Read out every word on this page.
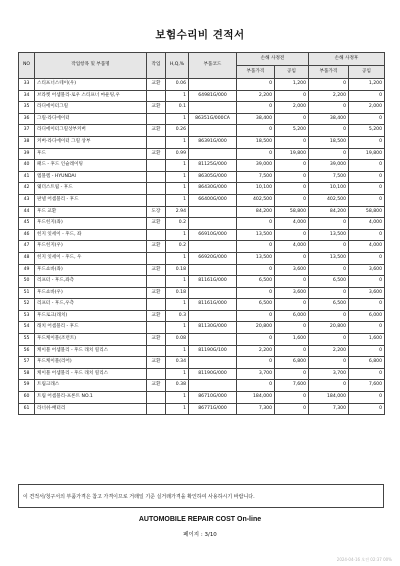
보험수리비 견적서
NO	작업항목 및 부품명	작업	H,Q,%	부품코드	손해 사정전		손해 사정후	
					부품가격	공임	부품가격	공임
33	스티프너스테이(우)	교환	0.06		0	1,200	0	1,200
34	브라켓 어셈블리-로우 스티프너 마운팅,우		1	64981G/000	2,200	0	2,200	0
35	라디에이터그릴	교환	0.1		0	2,000	0	2,000
36	그릴-라디에이터		1	86351G/000CA	38,400	0	38,400	0
37	라디에이터그릴상부커버	교환	0.26		0	5,200	0	5,200
38	커버-라디에이터 그릴 상부		1	86391G/000	18,500	0	18,500	0
39	후드	교환	0.99		0	19,800	0	19,800
40	패드 - 후드 인슐레이팅		1	81125G/000	39,000	0	39,000	0
41	엠블렘 - HYUNDAI		1	86305G/000	7,500	0	7,500	0
42	웨더스트립 - 후드		1	86430G/000	10,100	0	10,100	0
43	판넬 어셈블리 - 후드		1	66400G/000	402,500	0	402,500	0
44	후드 교환	도장	2.94		84,200	58,800	84,200	58,800
45	후드힌지(좌)	교환	0.2		0	4,000	0	4,000
46	힌지 잇세이 - 후드, 좌		1	66910G/000	13,500	0	13,500	0
47	후드힌지(우)	교환	0.2		0	4,000	0	4,000
48	힌지 잇세이 - 후드, 우		1	66920G/000	13,500	0	13,500	0
49	후드쇼바(좌)	교환	0.18		0	3,600	0	3,600
50	리프터 - 후드,좌측		1	81161G/000	6,500	0	6,500	0
51	후드쇼바(우)	교환	0.18		0	3,600	0	3,600
52	리프터 - 후드,우측		1	81161G/000	6,500	0	6,500	0
53	후드로크(래치)	교환	0.3		0	6,000	0	6,000
54	래치 어셈블리 - 후드		1	81130G/000	20,800	0	20,800	0
55	후드케이블(조런트)	교환	0.08		0	1,600	0	1,600
56	케이블 어셈블리 - 후드 래치 릴리스		1	81190G/100	2,200	0	2,200	0
57	후드케이블(리어)	교환	0.34		0	6,800	0	6,800
58	케이블 어셈블리 - 후드 래치 릴리스		1	81190G/000	3,700	0	3,700	0
59	트림크래스	교환	0.38		0	7,600	0	7,600
60	트림 어셈블리-프론트 NO.1		1	86710G/000	184,000	0	184,000	0
61	라너쉬-배터리		1	86771G/000	7,300	0	7,300	0
이 견적서/청구서의 부품가격은 참고 가격이므로 거래일 기준 실거래가격을 확인하여 사용하시기 바랍니다.
AUTOMOBILE REPAIR COST On-line
페이지 : 3/10
2024-04-16 오전 02:37 00%
